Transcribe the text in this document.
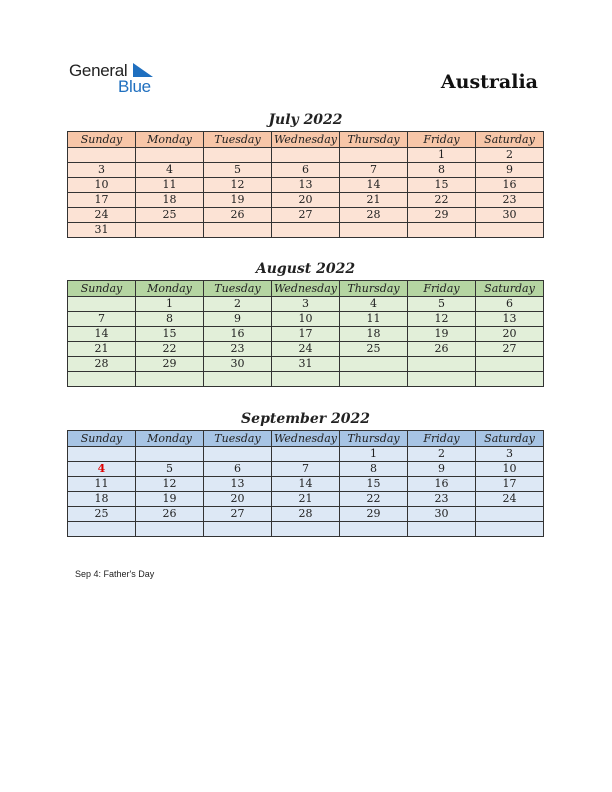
General
Blue	Australia
July 2022
Sunday	Monday	Tuesday	Wednesday	Thursday	Friday	Saturday
					1	2
3	4	5	6	7	8	9
10	11	12	13	14	15	16
17	18	19	20	21	22	23
24	25	26	27	28	29	30
31						
August 2022
Sunday	Monday	Tuesday	Wednesday	Thursday	Friday	Saturday
	1	2	3	4	5	6
7	8	9	10	11	12	13
14	15	16	17	18	19	20
21	22	23	24	25	26	27
28	29	30	31			

September 2022
Sunday	Monday	Tuesday	Wednesday	Thursday	Friday	Saturday
				1	2	3
4	5	6	7	8	9	10
11	12	13	14	15	16	17
18	19	20	21	22	23	24
25	26	27	28	29	30	

Sep 4: Father's Day
